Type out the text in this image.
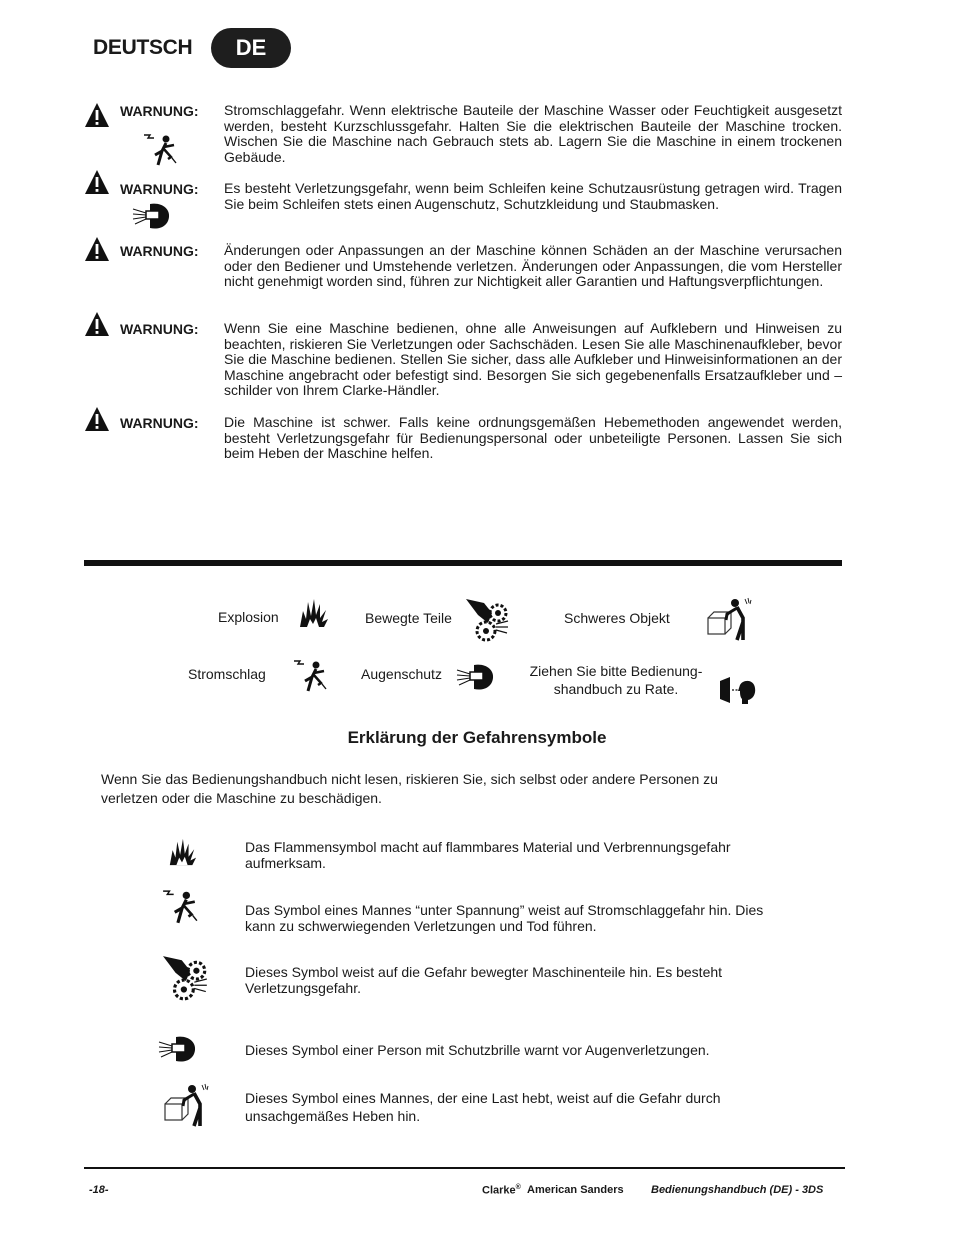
DEUTSCH	DE
WARNUNG: Stromschlaggefahr. Wenn elektrische Bauteile der Maschine Wasser oder Feuchtigkeit ausgesetzt werden, besteht Kurzschlussgefahr. Halten Sie die elektrischen Bauteile der Maschine trocken. Wischen Sie die Maschine nach Gebrauch stets ab. Lagern Sie die Maschine in einem trockenen Gebäude.
WARNUNG: Es besteht Verletzungsgefahr, wenn beim Schleifen keine Schutzausrüstung getragen wird. Tragen Sie beim Schleifen stets einen Augenschutz, Schutzkleidung und Staubmasken.
WARNUNG: Änderungen oder Anpassungen an der Maschine können Schäden an der Maschine verursachen oder den Bediener und Umstehende verletzen. Änderungen oder Anpassungen, die vom Hersteller nicht genehmigt worden sind, führen zur Nichtigkeit aller Garantien und Haftungsverpflichtungen.
WARNUNG: Wenn Sie eine Maschine bedienen, ohne alle Anweisungen auf Aufklebern und Hinweisen zu beachten, riskieren Sie Verletzungen oder Sachschäden. Lesen Sie alle Maschinenaufkleber, bevor Sie die Maschine bedienen. Stellen Sie sicher, dass alle Aufkleber und Hinweisinformationen an der Maschine angebracht oder befestigt sind. Besorgen Sie sich gegebenenfalls Ersatzaufkleber und –schilder von Ihrem Clarke-Händler.
WARNUNG: Die Maschine ist schwer. Falls keine ordnungsgemäßen Hebemethoden angewendet werden, besteht Verletzungsgefahr für Bedienungspersonal oder unbeteiligte Personen. Lassen Sie sich beim Heben der Maschine helfen.
Explosion	Bewegte Teile	Schweres Objekt
Stromschlag	Augenschutz	Ziehen Sie bitte Bedienung-
shandbuch zu Rate.
Erklärung der Gefahrensymbole
Wenn Sie das Bedienungshandbuch nicht lesen, riskieren Sie, sich selbst oder andere Personen zu verletzen oder die Maschine zu beschädigen.
Das Flammensymbol macht auf flammbares Material und Verbrennungsgefahr aufmerksam.
Das Symbol eines Mannes “unter Spannung” weist auf Stromschlaggefahr hin. Dies kann zu schwerwiegenden Verletzungen und Tod führen.
Dieses Symbol weist auf die Gefahr bewegter Maschinenteile hin. Es besteht Verletzungsgefahr.
Dieses Symbol einer Person mit Schutzbrille warnt vor Augenverletzungen.
Dieses Symbol eines Mannes, der eine Last hebt, weist auf die Gefahr durch unsachgemäßes Heben hin.
-18-	Clarke® American Sanders Bedienungshandbuch (DE) - 3DS
